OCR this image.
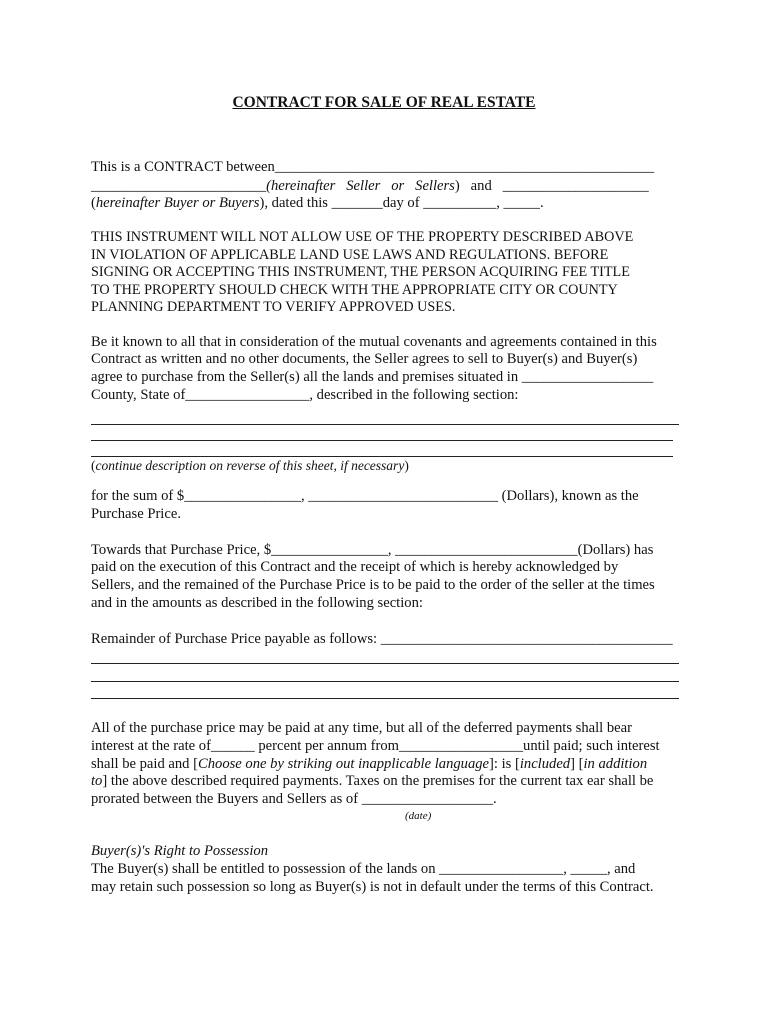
CONTRACT FOR SALE OF REAL ESTATE
This is a CONTRACT between____________________________________________________
________________________(hereinafter   Seller   or   Sellers)   and   ____________________
(hereinafter Buyer or Buyers), dated this _______day of __________, _____.
THIS INSTRUMENT WILL NOT ALLOW USE OF THE PROPERTY DESCRIBED ABOVE
IN VIOLATION OF APPLICABLE LAND USE LAWS AND REGULATIONS. BEFORE
SIGNING OR ACCEPTING THIS INSTRUMENT, THE PERSON ACQUIRING FEE TITLE
TO THE PROPERTY SHOULD CHECK WITH THE APPROPRIATE CITY OR COUNTY
PLANNING DEPARTMENT TO VERIFY APPROVED USES.
Be it known to all that in consideration of the mutual covenants and agreements contained in this
Contract as written and no other documents, the Seller agrees to sell to Buyer(s) and Buyer(s)
agree to purchase from the Seller(s) all the lands and premises situated in __________________
County, State of_________________, described in the following section:
(continue description on reverse of this sheet, if necessary)
for the sum of $________________, __________________________ (Dollars), known as the
Purchase Price.
Towards that Purchase Price, $________________, _________________________(Dollars) has
paid on the execution of this Contract and the receipt of which is hereby acknowledged by
Sellers, and the remained of the Purchase Price is to be paid to the order of the seller at the times
and in the amounts as described in the following section:
Remainder of Purchase Price payable as follows: ________________________________________
All of the purchase price may be paid at any time, but all of the deferred payments shall bear
interest at the rate of______ percent per annum from_________________until paid; such interest
shall be paid and [Choose one by striking out inapplicable language]: is [included] [in addition
to] the above described required payments. Taxes on the premises for the current tax ear shall be
prorated between the Buyers and Sellers as of __________________.
(date)
Buyer(s)'s Right to Possession
The Buyer(s) shall be entitled to possession of the lands on _________________, _____, and
may retain such possession so long as Buyer(s) is not in default under the terms of this Contract.
